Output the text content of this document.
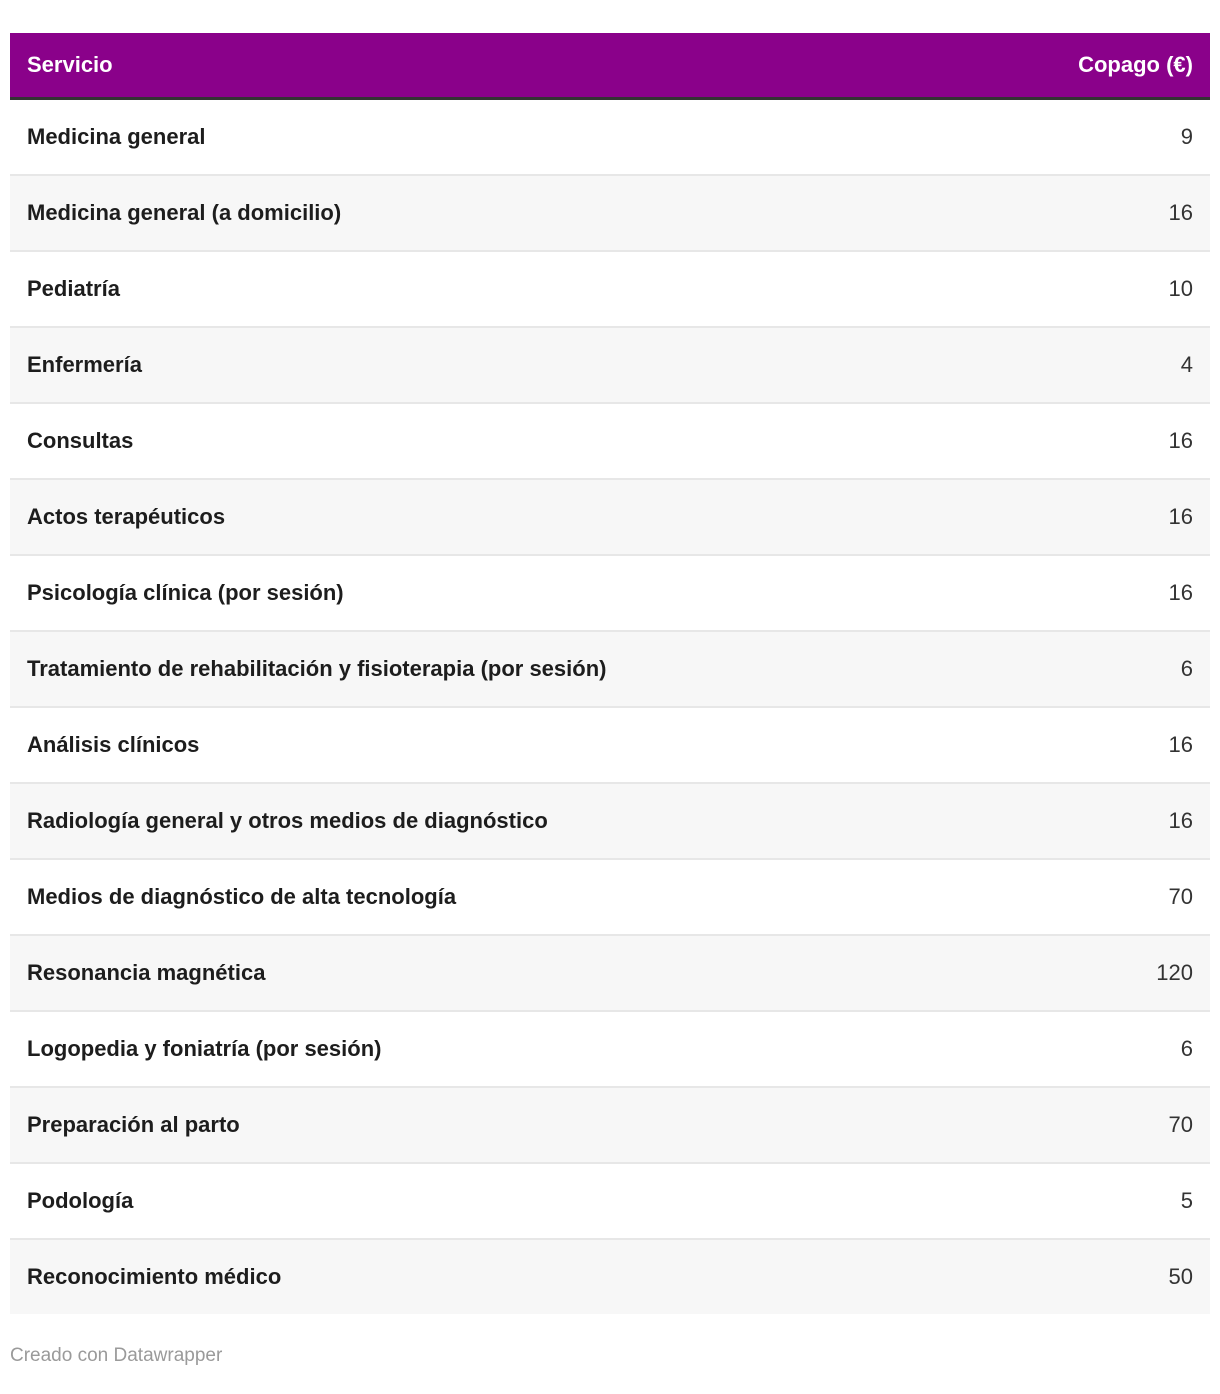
Servicio	Copago (€)
Medicina general	9
Medicina general (a domicilio)	16
Pediatría	10
Enfermería	4
Consultas	16
Actos terapéuticos	16
Psicología clínica (por sesión)	16
Tratamiento de rehabilitación y fisioterapia (por sesión)	6
Análisis clínicos	16
Radiología general y otros medios de diagnóstico	16
Medios de diagnóstico de alta tecnología	70
Resonancia magnética	120
Logopedia y foniatría (por sesión)	6
Preparación al parto	70
Podología	5
Reconocimiento médico	50
Creado con Datawrapper
